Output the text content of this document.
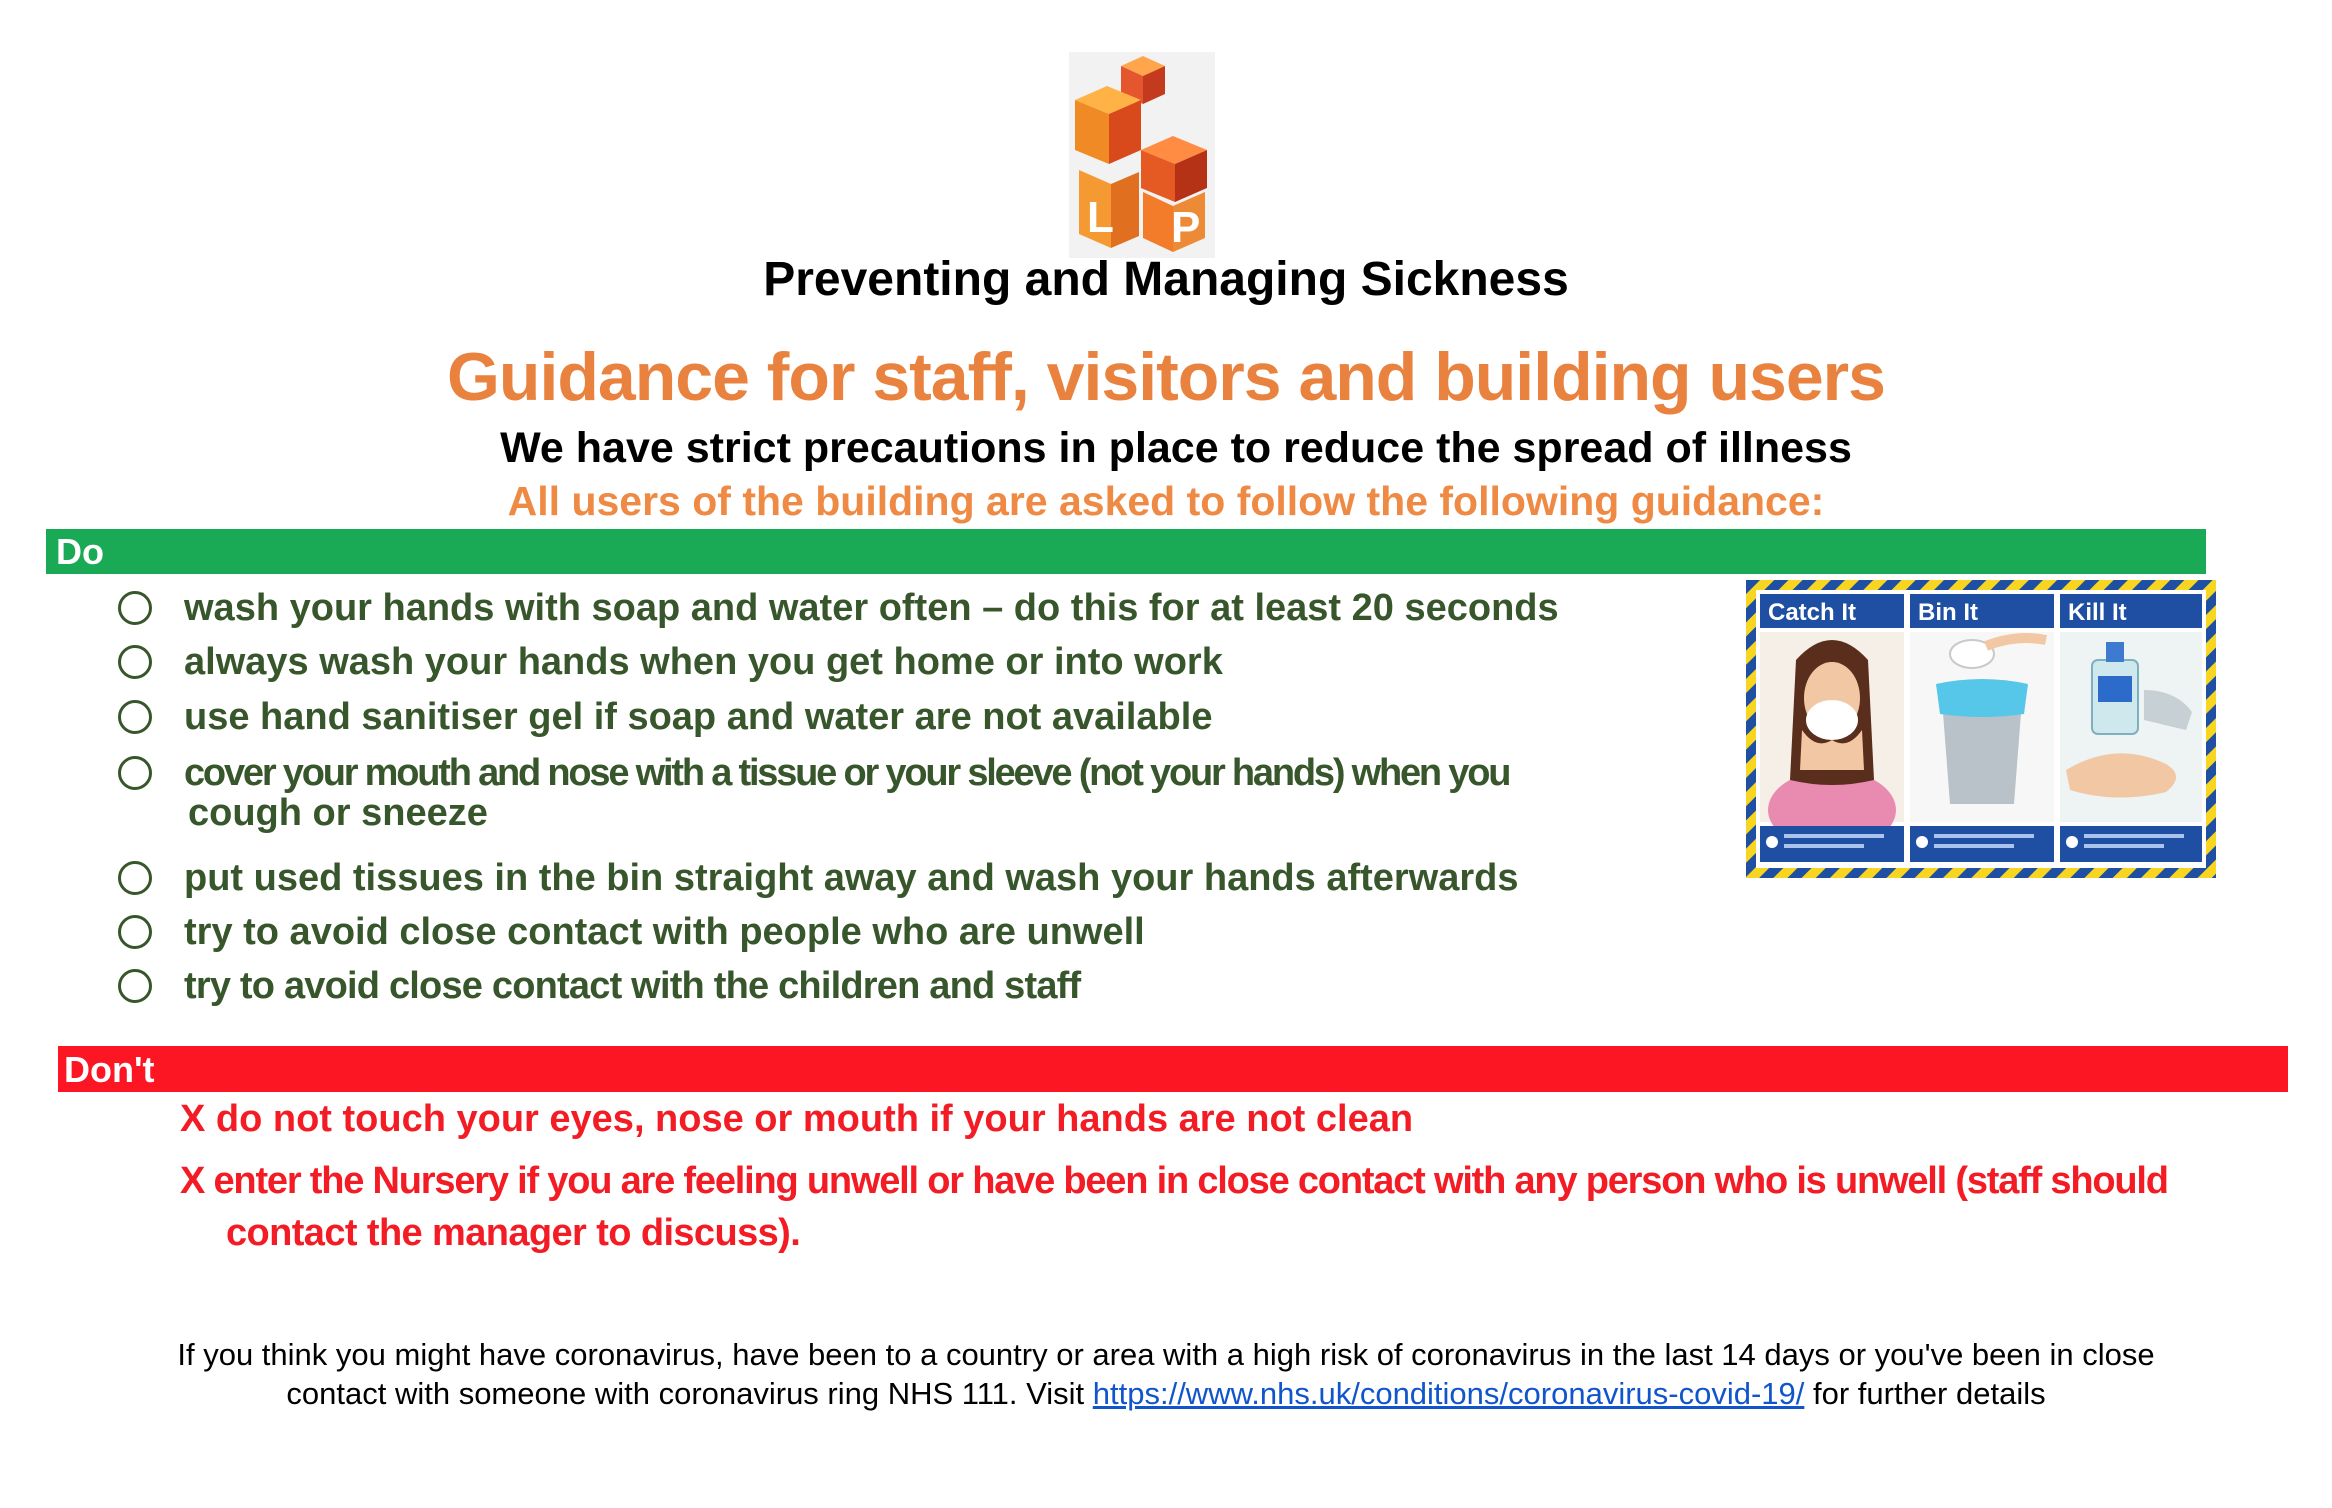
L P
Preventing and Managing Sickness
Guidance for staff, visitors and building users
We have strict precautions in place to reduce the spread of illness
All users of the building are asked to follow the following guidance:
Do
wash your hands with soap and water often – do this for at least 20 seconds
always wash your hands when you get home or into work
use hand sanitiser gel if soap and water are not available
cover your mouth and nose with a tissue or your sleeve (not your hands) when you
cough or sneeze
put used tissues in the bin straight away and wash your hands afterwards
try to avoid close contact with people who are unwell
try to avoid close contact with the children and staff
Catch It	Bin It	Kill It
Don't
X do not touch your eyes, nose or mouth if your hands are not clean
X enter the Nursery if you are feeling unwell or have been in close contact with any person who is unwell (staff should
contact the manager to discuss).
If you think you might have coronavirus, have been to a country or area with a high risk of coronavirus in the last 14 days or you've been in close
contact with someone with coronavirus ring NHS 111. Visit https://www.nhs.uk/conditions/coronavirus-covid-19/ for further details
